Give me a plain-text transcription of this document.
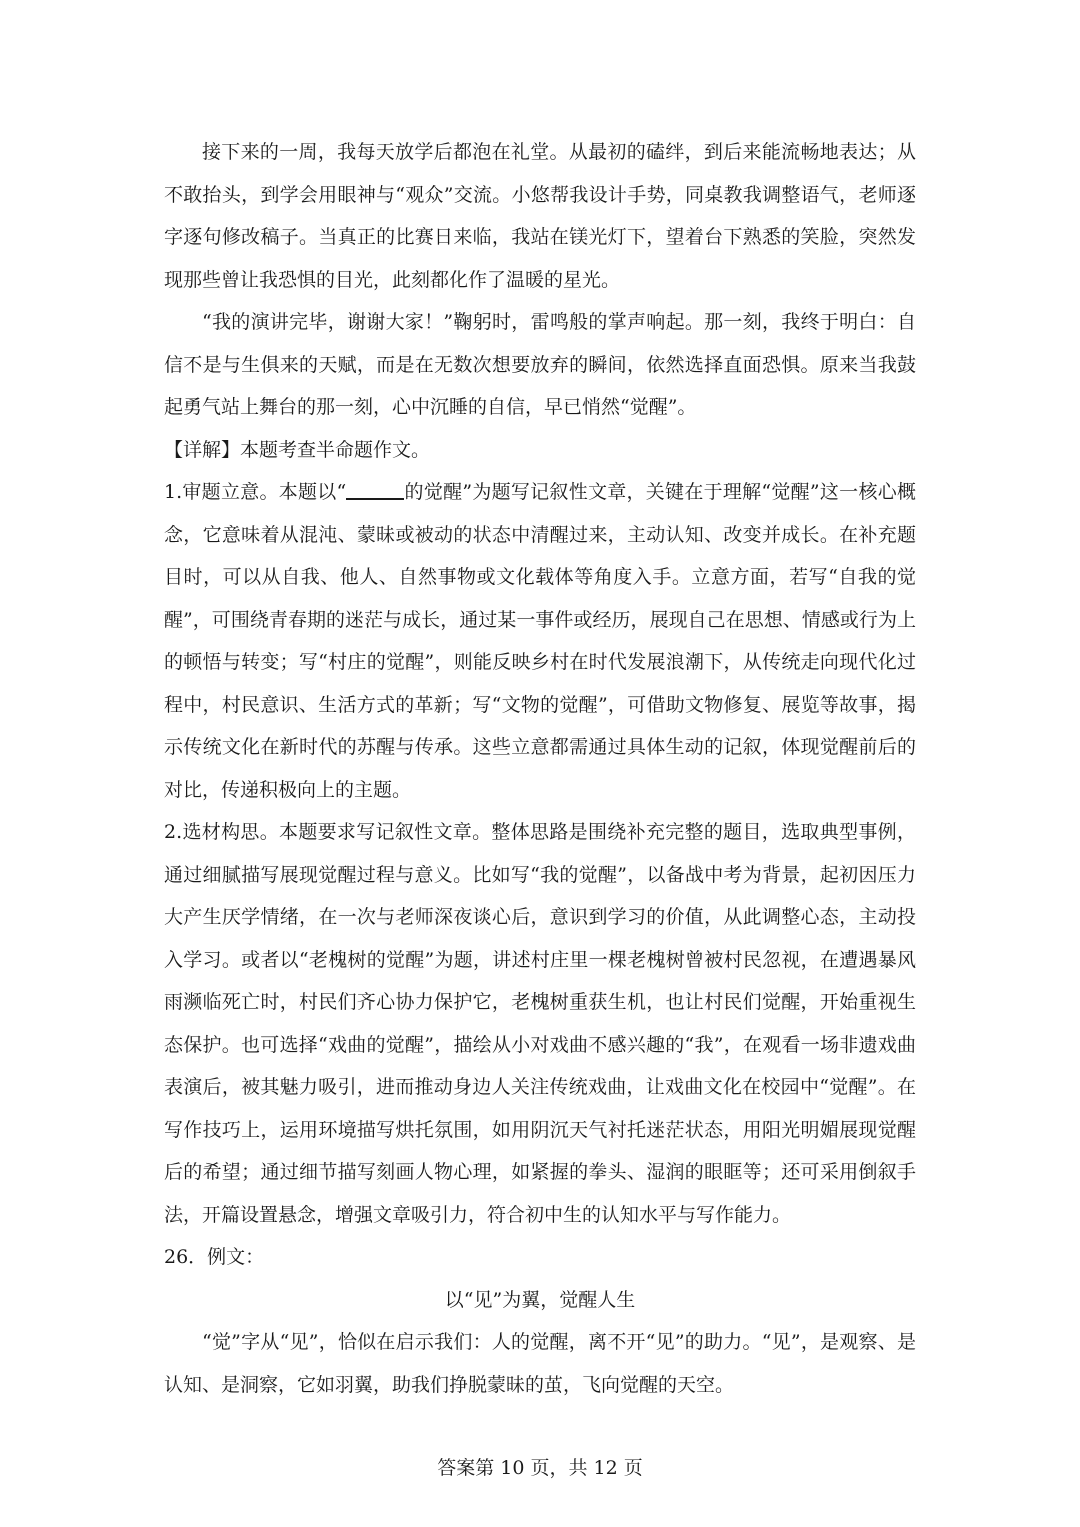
接下来的一周，我每天放学后都泡在礼堂。从最初的磕绊，到后来能流畅地表达；从不敢抬头，到学会用眼神与“观众”交流。小悠帮我设计手势，同桌教我调整语气，老师逐字逐句修改稿子。当真正的比赛日来临，我站在镁光灯下，望着台下熟悉的笑脸，突然发现那些曾让我恐惧的目光，此刻都化作了温暖的星光。

“我的演讲完毕，谢谢大家！”鞠躬时，雷鸣般的掌声响起。那一刻，我终于明白：自信不是与生俱来的天赋，而是在无数次想要放弃的瞬间，依然选择直面恐惧。原来当我鼓起勇气站上舞台的那一刻，心中沉睡的自信，早已悄然“觉醒”。

【详解】本题考查半命题作文。

1.审题立意。本题以“	的觉醒”为题写记叙性文章，关键在于理解“觉醒”这一核心概念，它意味着从混沌、蒙昧或被动的状态中清醒过来，主动认知、改变并成长。在补充题目时，可以从自我、他人、自然事物或文化载体等角度入手。立意方面，若写“自我的觉醒”，可围绕青春期的迷茫与成长，通过某一事件或经历，展现自己在思想、情感或行为上的顿悟与转变；写“村庄的觉醒”，则能反映乡村在时代发展浪潮下，从传统走向现代化过程中，村民意识、生活方式的革新；写“文物的觉醒”，可借助文物修复、展览等故事，揭示传统文化在新时代的苏醒与传承。这些立意都需通过具体生动的记叙，体现觉醒前后的对比，传递积极向上的主题。

2.选材构思。本题要求写记叙性文章。整体思路是围绕补充完整的题目，选取典型事例，通过细腻描写展现觉醒过程与意义。比如写“我的觉醒”，以备战中考为背景，起初因压力大产生厌学情绪，在一次与老师深夜谈心后，意识到学习的价值，从此调整心态，主动投入学习。或者以“老槐树的觉醒”为题，讲述村庄里一棵老槐树曾被村民忽视，在遭遇暴风雨濒临死亡时，村民们齐心协力保护它，老槐树重获生机，也让村民们觉醒，开始重视生态保护。也可选择“戏曲的觉醒”，描绘从小对戏曲不感兴趣的“我”，在观看一场非遗戏曲表演后，被其魅力吸引，进而推动身边人关注传统戏曲，让戏曲文化在校园中“觉醒”。在写作技巧上，运用环境描写烘托氛围，如用阴沉天气衬托迷茫状态，用阳光明媚展现觉醒后的希望；通过细节描写刻画人物心理，如紧握的拳头、湿润的眼眶等；还可采用倒叙手法，开篇设置悬念，增强文章吸引力，符合初中生的认知水平与写作能力。

26．例文：

以“见”为翼，觉醒人生

“觉”字从“见”，恰似在启示我们：人的觉醒，离不开“见”的助力。“见”，是观察、是认知、是洞察，它如羽翼，助我们挣脱蒙昧的茧，飞向觉醒的天空。

答案第 10 页，共 12 页
